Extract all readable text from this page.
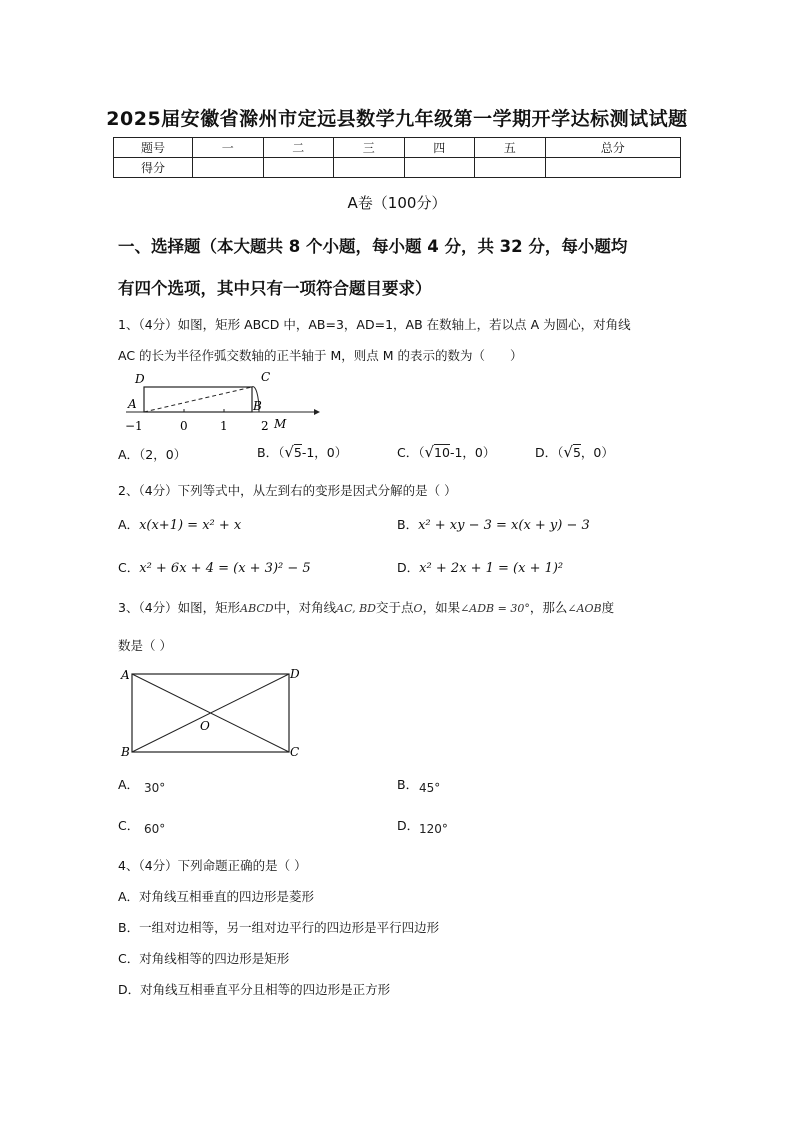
2025届安徽省滁州市定远县数学九年级第一学期开学达标测试试题
题号	一	二	三	四	五	总分
得分						
A卷（100分）
一、选择题（本大题共 8 个小题，每小题 4 分，共 32 分，每小题均
有四个选项，其中只有一项符合题目要求）
1、（4分）如图，矩形 ABCD 中，AB=3，AD=1，AB 在数轴上，若以点 A 为圆心，对角线
AC 的长为半径作弧交数轴的正半轴于 M，则点 M 的表示的数为（　　）
D	C
A	B
M
−1	0	1	2
A．（2，0）	B．（√5-1，0）	C．（√10-1，0）	D．（√5，0）
2、（4分）下列等式中，从左到右的变形是因式分解的是（ ）
A．x(x+1) = x² + x	B．x² + xy − 3 = x(x + y) − 3
C．x² + 6x + 4 = (x + 3)² − 5	D．x² + 2x + 1 = (x + 1)²
3、（4分）如图，矩形ABCD中，对角线AC, BD交于点O，如果∠ADB = 30°，那么∠AOB度
数是（ ）
A	D
B	C
O
A． 30°	B． 45°
C． 60°	D． 120°
4、（4分）下列命题正确的是（ ）
A．对角线互相垂直的四边形是菱形
B．一组对边相等，另一组对边平行的四边形是平行四边形
C．对角线相等的四边形是矩形
D．对角线互相垂直平分且相等的四边形是正方形
